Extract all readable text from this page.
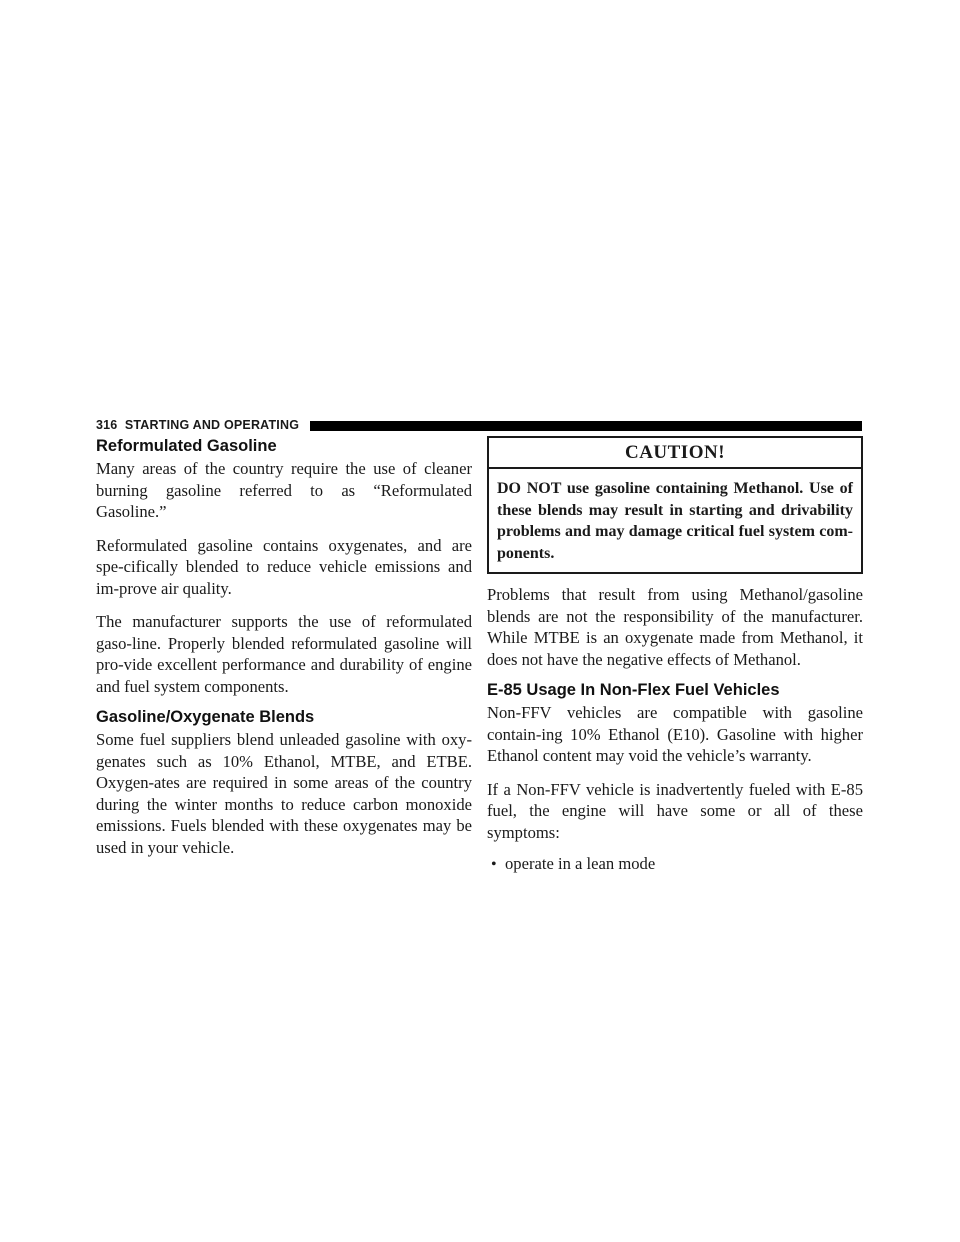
316 STARTING AND OPERATING
Reformulated Gasoline

Many areas of the country require the use of cleaner burning gasoline referred to as “Reformulated Gasoline.”

Reformulated gasoline contains oxygenates, and are spe-cifically blended to reduce vehicle emissions and im-prove air quality.

The manufacturer supports the use of reformulated gaso-line. Properly blended reformulated gasoline will pro-vide excellent performance and durability of engine and fuel system components.

Gasoline/Oxygenate Blends

Some fuel suppliers blend unleaded gasoline with oxy-genates such as 10% Ethanol, MTBE, and ETBE. Oxygen-ates are required in some areas of the country during the winter months to reduce carbon monoxide emissions. Fuels blended with these oxygenates may be used in your vehicle.

CAUTION!

DO NOT use gasoline containing Methanol. Use of these blends may result in starting and drivability problems and may damage critical fuel system com-ponents.

Problems that result from using Methanol/gasoline blends are not the responsibility of the manufacturer. While MTBE is an oxygenate made from Methanol, it does not have the negative effects of Methanol.

E-85 Usage In Non-Flex Fuel Vehicles

Non-FFV vehicles are compatible with gasoline contain-ing 10% Ethanol (E10). Gasoline with higher Ethanol content may void the vehicle’s warranty.

If a Non-FFV vehicle is inadvertently fueled with E-85 fuel, the engine will have some or all of these symptoms:

• operate in a lean mode
